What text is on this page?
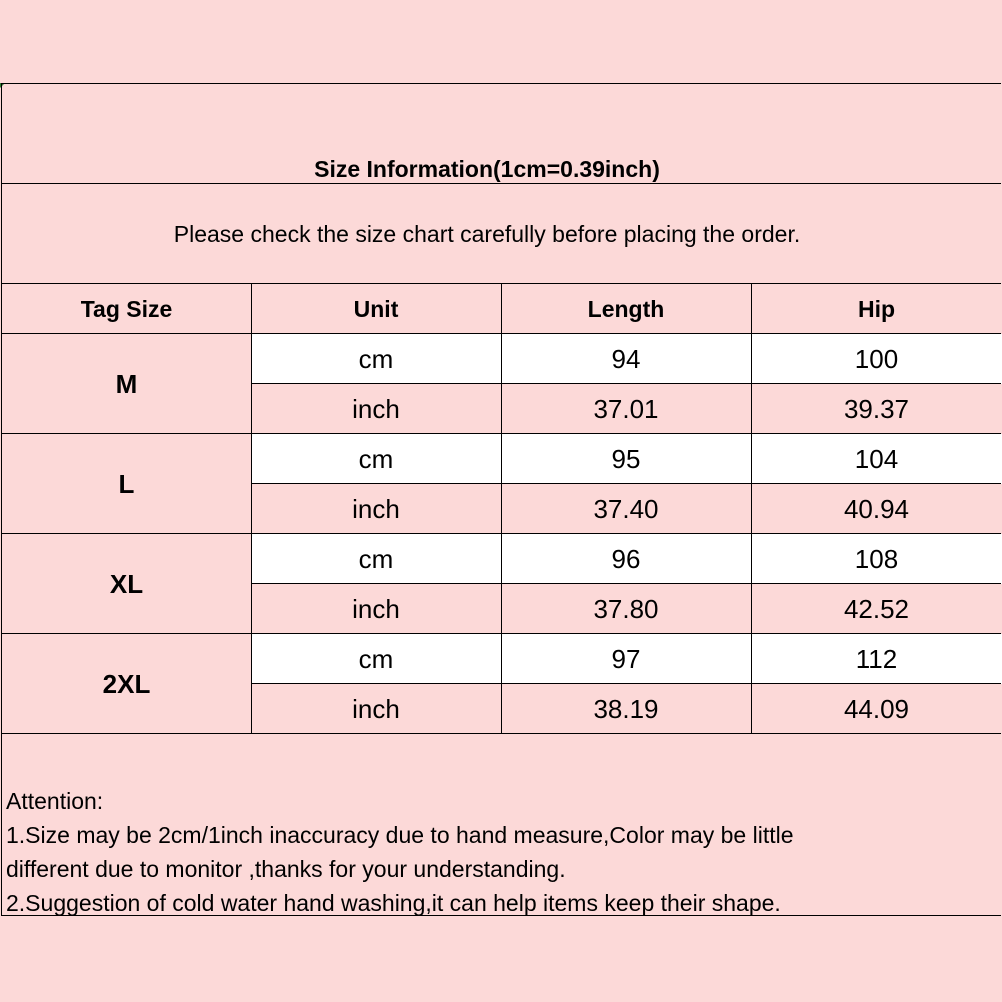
Size Information(1cm=0.39inch)
Please check the size chart carefully before placing the order.
Tag Size	Unit	Length	Hip
M
cm	94	100
inch	37.01	39.37
L
cm	95	104
inch	37.40	40.94
XL
cm	96	108
inch	37.80	42.52
2XL
cm	97	112
inch	38.19	44.09
Attention:
1.Size may be 2cm/1inch inaccuracy due to hand measure,Color may be little
different due to monitor ,thanks for your understanding.
2.Suggestion of cold water hand washing,it can help items keep their shape.
